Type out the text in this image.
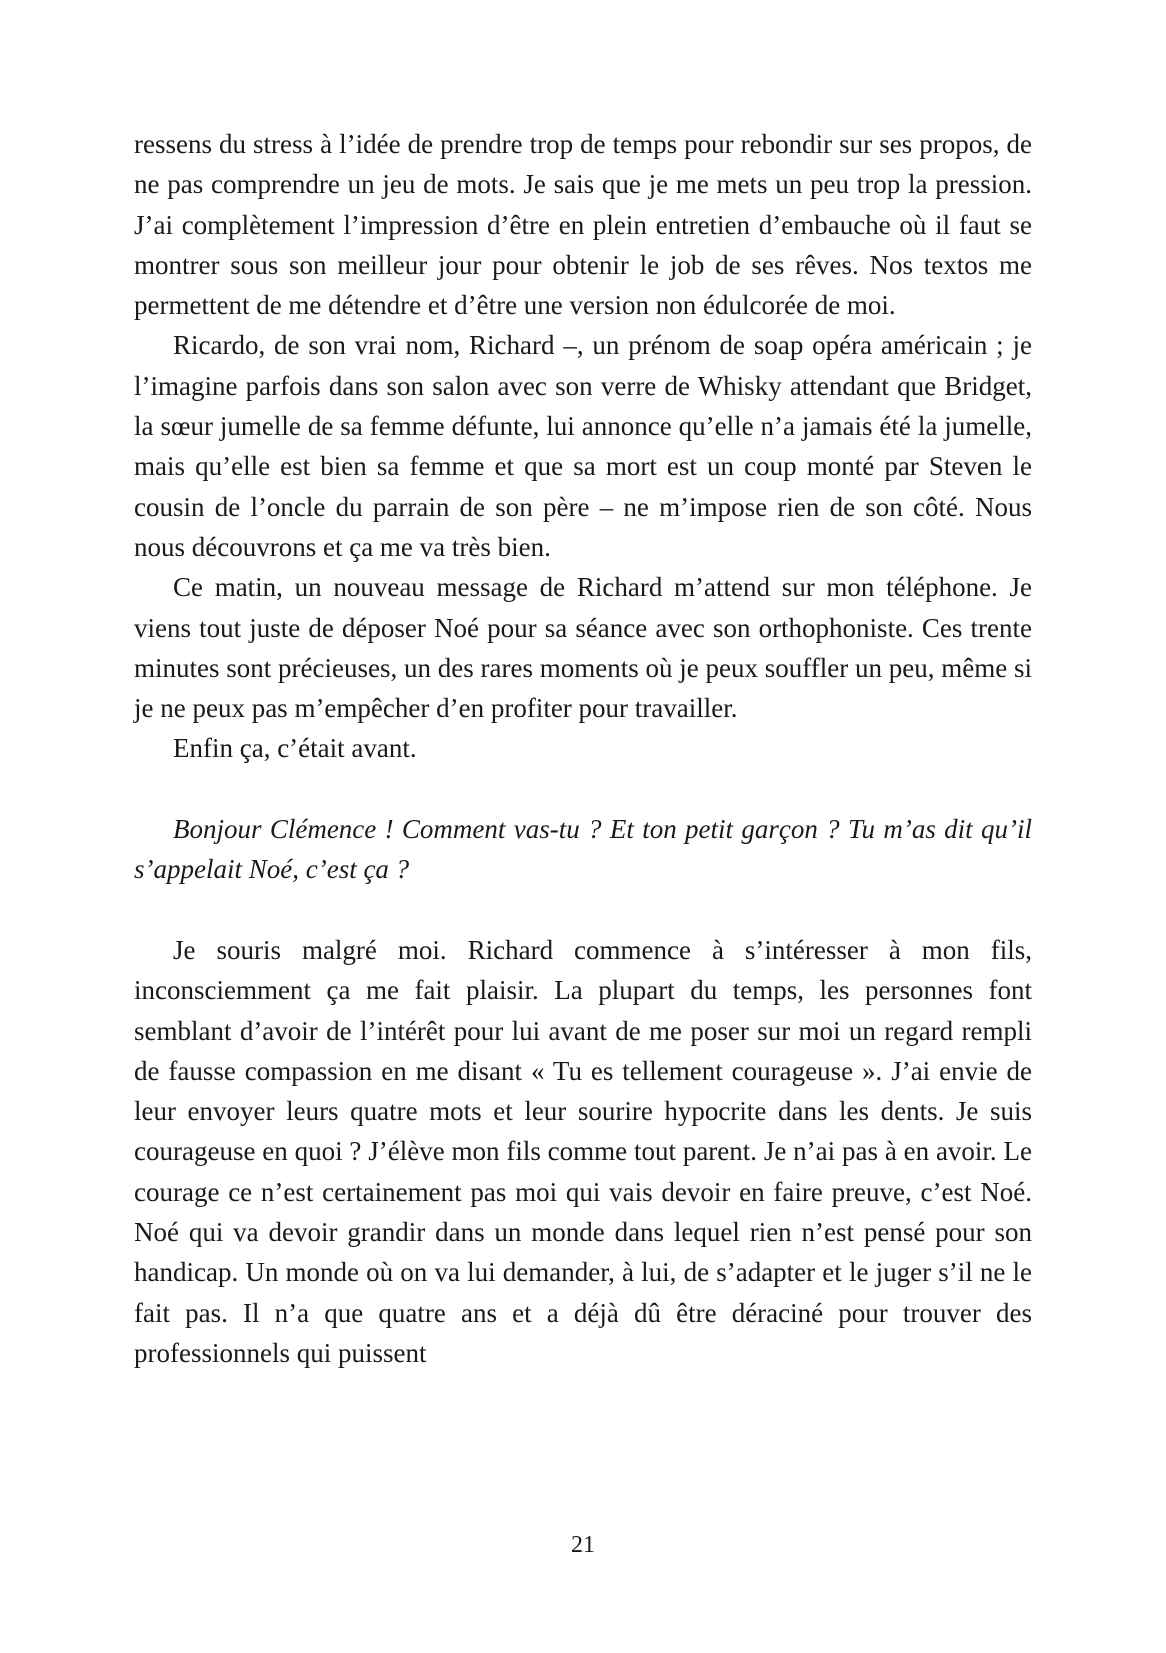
ressens du stress à l’idée de prendre trop de temps pour rebondir sur ses propos, de ne pas comprendre un jeu de mots. Je sais que je me mets un peu trop la pression. J’ai complètement l’impression d’être en plein entretien d’embauche où il faut se montrer sous son meilleur jour pour obtenir le job de ses rêves. Nos textos me permettent de me détendre et d’être une version non édulcorée de moi.

Ricardo, de son vrai nom, Richard –, un prénom de soap opéra américain ; je l’imagine parfois dans son salon avec son verre de Whisky attendant que Bridget, la sœur jumelle de sa femme défunte, lui annonce qu’elle n’a jamais été la jumelle, mais qu’elle est bien sa femme et que sa mort est un coup monté par Steven le cousin de l’oncle du parrain de son père – ne m’impose rien de son côté. Nous nous découvrons et ça me va très bien.

Ce matin, un nouveau message de Richard m’attend sur mon téléphone. Je viens tout juste de déposer Noé pour sa séance avec son orthophoniste. Ces trente minutes sont précieuses, un des rares moments où je peux souffler un peu, même si je ne peux pas m’empêcher d’en profiter pour travailler.

Enfin ça, c’était avant.

Bonjour Clémence ! Comment vas-tu ? Et ton petit garçon ? Tu m’as dit qu’il s’appelait Noé, c’est ça ?

Je souris malgré moi. Richard commence à s’intéresser à mon fils, inconsciemment ça me fait plaisir. La plupart du temps, les personnes font semblant d’avoir de l’intérêt pour lui avant de me poser sur moi un regard rempli de fausse compassion en me disant « Tu es tellement courageuse ». J’ai envie de leur envoyer leurs quatre mots et leur sourire hypocrite dans les dents. Je suis courageuse en quoi ? J’élève mon fils comme tout parent. Je n’ai pas à en avoir. Le courage ce n’est certainement pas moi qui vais devoir en faire preuve, c’est Noé. Noé qui va devoir grandir dans un monde dans lequel rien n’est pensé pour son handicap. Un monde où on va lui demander, à lui, de s’adapter et le juger s’il ne le fait pas. Il n’a que quatre ans et a déjà dû être déraciné pour trouver des professionnels qui puissent

21
